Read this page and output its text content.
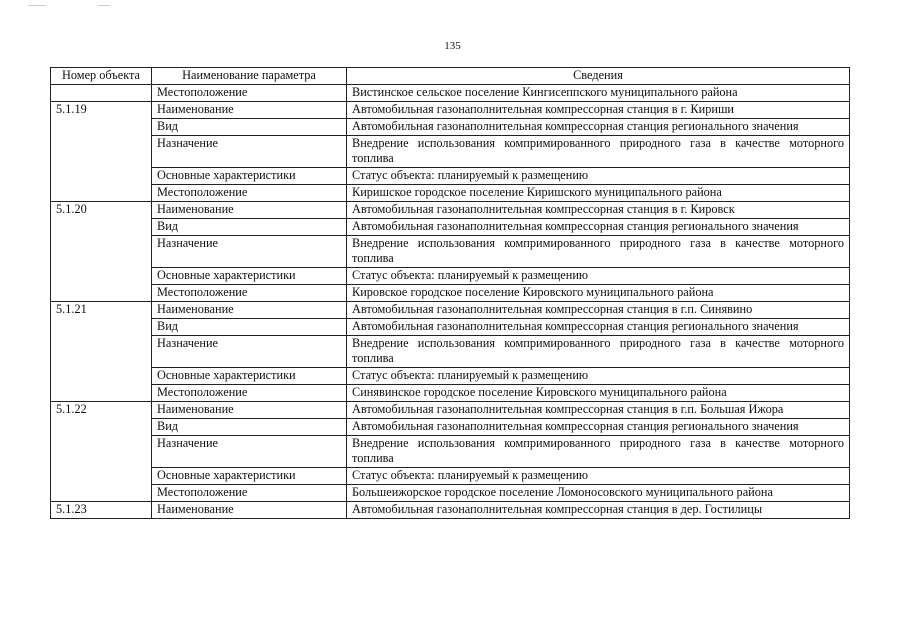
135
Номер объекта	Наименование параметра	Сведения
	Местоположение	Вистинское сельское поселение Кингисеппского муниципального района
5.1.19	Наименование	Автомобильная газонаполнительная компрессорная станция в г. Кириши
	Вид	Автомобильная газонаполнительная компрессорная станция регионального значения
	Назначение	Внедрение использования компримированного природного газа в качестве моторного топлива
	Основные характеристики	Статус объекта: планируемый к размещению
	Местоположение	Киришское городское поселение Киришского муниципального района
5.1.20	Наименование	Автомобильная газонаполнительная компрессорная станция в г. Кировск
	Вид	Автомобильная газонаполнительная компрессорная станция регионального значения
	Назначение	Внедрение использования компримированного природного газа в качестве моторного топлива
	Основные характеристики	Статус объекта: планируемый к размещению
	Местоположение	Кировское городское поселение Кировского муниципального района
5.1.21	Наименование	Автомобильная газонаполнительная компрессорная станция в г.п. Синявино
	Вид	Автомобильная газонаполнительная компрессорная станция регионального значения
	Назначение	Внедрение использования компримированного природного газа в качестве моторного топлива
	Основные характеристики	Статус объекта: планируемый к размещению
	Местоположение	Синявинское городское поселение Кировского муниципального района
5.1.22	Наименование	Автомобильная газонаполнительная компрессорная станция в г.п. Большая Ижора
	Вид	Автомобильная газонаполнительная компрессорная станция регионального значения
	Назначение	Внедрение использования компримированного природного газа в качестве моторного топлива
	Основные характеристики	Статус объекта: планируемый к размещению
	Местоположение	Большеижорское городское поселение Ломоносовского муниципального района
5.1.23	Наименование	Автомобильная газонаполнительная компрессорная станция в дер. Гостилицы
